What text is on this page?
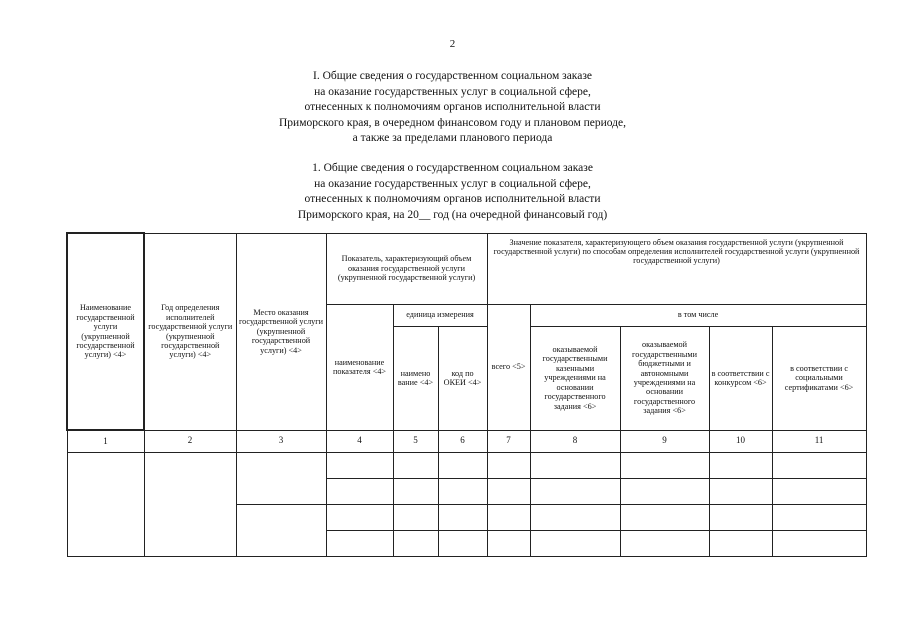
2
I. Общие сведения о государственном социальном заказе
на оказание государственных услуг в социальной сфере,
отнесенных к полномочиям органов исполнительной власти
Приморского края, в очередном финансовом году и плановом периоде,
а также за пределами планового периода
1. Общие сведения о государственном социальном заказе
на оказание государственных услуг в социальной сфере,
отнесенных к полномочиям органов исполнительной власти
Приморского края, на 20__ год (на очередной финансовый год)
Наименование государственной услуги (укрупненной государственной услуги) <4>	Год определения исполнителей государственной услуги (укрупненной государственной услуги) <4>	Место оказания государственной услуги (укрупненной государственной услуги) <4>	Показатель, характеризующий объем оказания государственной услуги (укрупненной государственной услуги)			Значение показателя, характеризующего объем оказания государственной услуги (укрупненной государственной услуги) по способам определения исполнителей государственной услуги (укрупненной государственной услуги)				
			наименование показателя <4>	единица измерения		всего <5>	в том числе			
				наимено вание <4>	код по ОКЕИ <4>		оказываемой государственными казенными учреждениями на основании государственного задания <6>	оказываемой государственными бюджетными и автономными учреждениями на основании государственного задания <6>	в соответствии с конкурсом <6>	в соответствии с социальными сертификатами <6>
1	2	3	4	5	6	7	8	9	10	11
